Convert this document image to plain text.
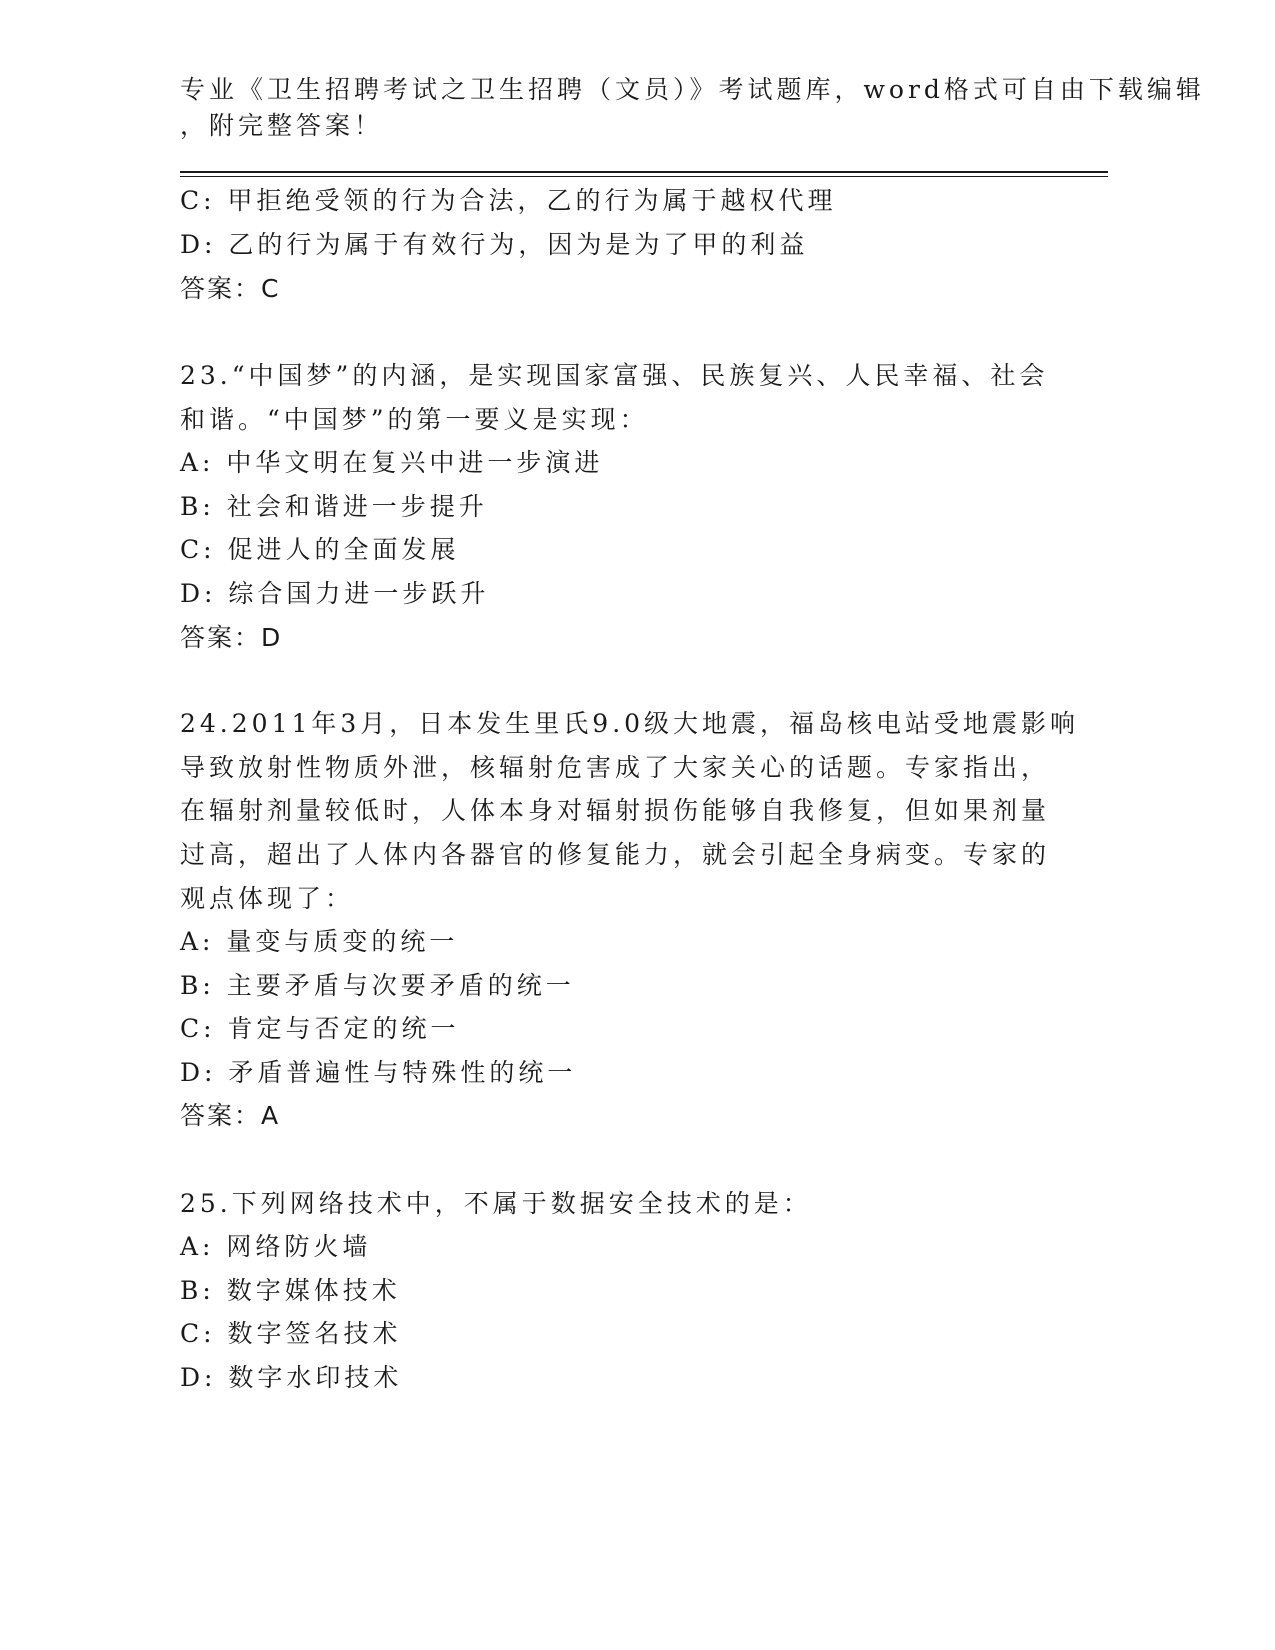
专业《卫生招聘考试之卫生招聘（文员）》考试题库，word格式可自由下载编辑
，附完整答案！
C: 甲拒绝受领的行为合法，乙的行为属于越权代理
D: 乙的行为属于有效行为，因为是为了甲的利益
答案：C
23.“中国梦”的内涵，是实现国家富强、民族复兴、人民幸福、社会
和谐。“中国梦”的第一要义是实现：
A: 中华文明在复兴中进一步演进
B: 社会和谐进一步提升
C: 促进人的全面发展
D: 综合国力进一步跃升
答案：D
24.2011年3月，日本发生里氏9.0级大地震，福岛核电站受地震影响
导致放射性物质外泄，核辐射危害成了大家关心的话题。专家指出，
在辐射剂量较低时，人体本身对辐射损伤能够自我修复，但如果剂量
过高，超出了人体内各器官的修复能力，就会引起全身病变。专家的
观点体现了：
A: 量变与质变的统一
B: 主要矛盾与次要矛盾的统一
C: 肯定与否定的统一
D: 矛盾普遍性与特殊性的统一
答案：A
25.下列网络技术中，不属于数据安全技术的是：
A: 网络防火墙
B: 数字媒体技术
C: 数字签名技术
D: 数字水印技术
